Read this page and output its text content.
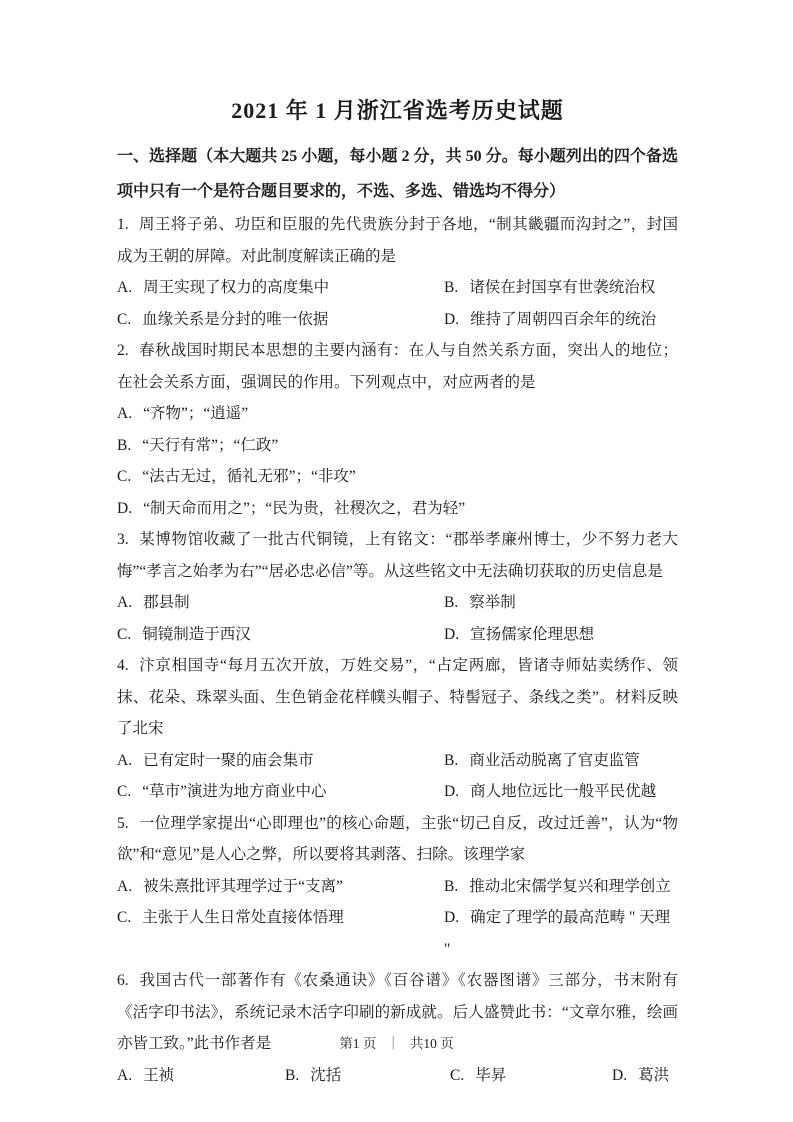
2021 年 1 月浙江省选考历史试题

一、选择题（本大题共 25 小题，每小题 2 分，共 50 分。每小题列出的四个备选项中只有一个是符合题目要求的，不选、多选、错选均不得分）

1. 周王将子弟、功臣和臣服的先代贵族分封于各地，“制其畿疆而沟封之”，封国成为王朝的屏障。对此制度解读正确的是

A. 周王实现了权力的高度集中	B. 诸侯在封国享有世袭统治权
C. 血缘关系是分封的唯一依据	D. 维持了周朝四百余年的统治

2. 春秋战国时期民本思想的主要内涵有：在人与自然关系方面，突出人的地位；在社会关系方面，强调民的作用。下列观点中，对应两者的是

A. “齐物”；“逍遥”
B. “天行有常”；“仁政”
C. “法古无过，循礼无邪”；“非攻”
D. “制天命而用之”；“民为贵，社稷次之，君为轻”

3. 某博物馆收藏了一批古代铜镜，上有铭文：“郡举孝廉州博士，少不努力老大悔”“孝言之始孝为右”“居必忠必信”等。从这些铭文中无法确切获取的历史信息是

A. 郡县制	B. 察举制
C. 铜镜制造于西汉	D. 宣扬儒家伦理思想

4. 汴京相国寺“每月五次开放，万姓交易”，“占定两廊，皆诸寺师姑卖绣作、领抹、花朵、珠翠头面、生色销金花样幞头帽子、特髻冠子、条线之类”。材料反映了北宋

A. 已有定时一聚的庙会集市	B. 商业活动脱离了官吏监管
C. “草市”演进为地方商业中心	D. 商人地位远比一般平民优越

5. 一位理学家提出“心即理也”的核心命题，主张“切己自反，改过迁善”，认为“物欲”和“意见”是人心之弊，所以要将其剥落、扫除。该理学家

A. 被朱熹批评其理学过于“支离”	B. 推动北宋儒学复兴和理学创立
C. 主张于人生日常处直接体悟理	D. 确定了理学的最高范畴 " 天理 "

6. 我国古代一部著作有《农桑通诀》《百谷谱》《农器图谱》三部分，书末附有《活字印书法》，系统记录木活字印刷的新成就。后人盛赞此书：“文章尔雅，绘画亦皆工致。”此书作者是

A. 王祯	B. 沈括	C. 毕昇	D. 葛洪
第1 页 ｜ 共10 页
